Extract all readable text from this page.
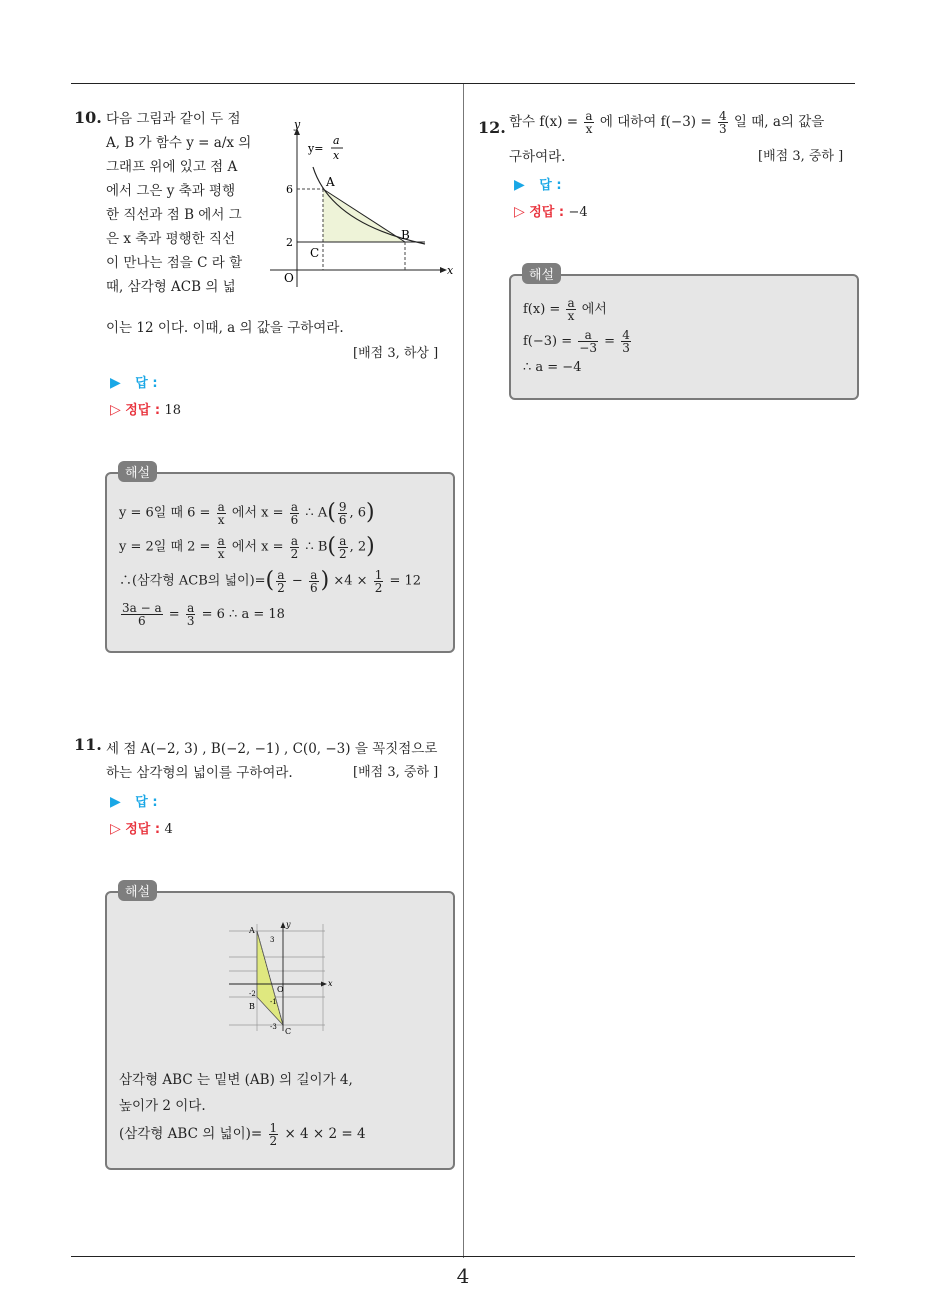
4
10. 다음 그림과 같이 두 점
A, B 가 함수 y = a/x 의
그래프 위에 있고 점 A
에서 그은 y 축과 평행
한 직선과 점 B 에서 그
은 x 축과 평행한 직선
이 만나는 점을 C 라 할
때, 삼각형 ACB 의 넓
이는 12 이다. 이때, a 의 값을 구하여라.
[배점 3, 하상 ]
y
x
y=
a
x
6
2
O
A
B
C
▶ 답 :
▷ 정답 : 18
y = 6일 때 $6 = \frac{a}{x}$ 에서 $x = \frac{a}{6}$ ∴ $A( \frac{9}{6}$ , 6)
y = 2일 때 $2 = \frac{a}{x}$ 에서 $x = \frac{a}{2}$ ∴ $B( \frac{a}{2}$ , 2)
∴(삼각형 ACB의 넓이)=( $\frac{a}{2} - \frac{a}{6}$ ) $\times 4 \times \frac{1}{2} = 12$
$\frac{3a - a}{6} = \frac{a}{3} = 6$ ∴ a = 18
해설
11. 세 점 A(−2, 3) , B(−2, −1) , C(0, −3) 을 꼭짓점으로
하는 삼각형의 넓이를 구하여라.	[배점 3, 중하 ]
▶ 답 :
▷ 정답 : 4
y
x
A
B
C
O
3
-2
-1
-3
삼각형 ABC 는 밑변 (AB) 의 길이가 4,
높이가 2 이다.
(삼각형 ABC 의 넓이)= $\frac{1}{2} \times 4 \times 2 = 4$
해설
12. 함수 $f(x) = \frac{a}{x}$ 에 대하여 $f(-3) = \frac{4}{3}$ 일 때, a의 값을
구하여라.	[배점 3, 중하 ]
▶ 답 :
▷ 정답 : −4
$f(x) = \frac{a}{x}$ 에서
$f(-3) = \frac{a}{-3} = \frac{4}{3}$
∴ a = −4
해설
